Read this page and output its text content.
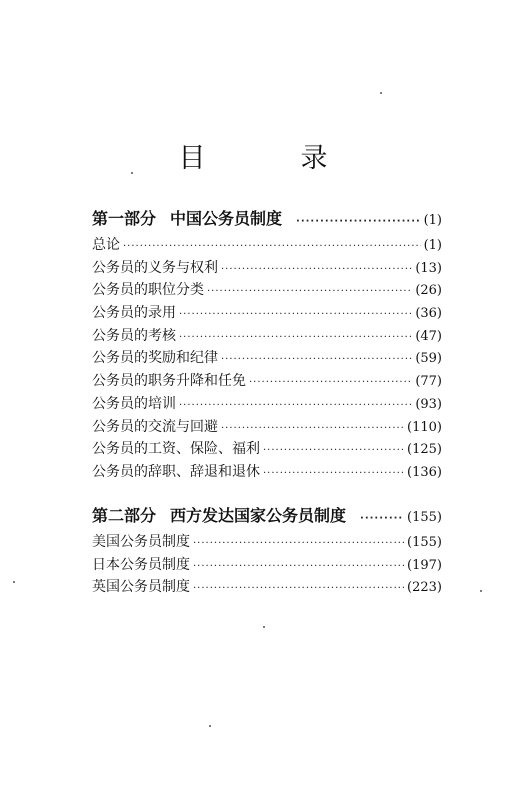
目　录
第一部分 中国公务员制度 ·····	(1)
总论 ·····	(1)
公务员的义务与权利 ·····	(13)
公务员的职位分类 ·····	(26)
公务员的录用 ·····	(36)
公务员的考核 ·····	(47)
公务员的奖励和纪律 ·····	(59)
公务员的职务升降和任免 ·····	(77)
公务员的培训 ·····	(93)
公务员的交流与回避 ·····	(110)
公务员的工资、保险、福利 ·····	(125)
公务员的辞职、辞退和退休 ·····	(136)
第二部分 西方发达国家公务员制度 ·····	(155)
美国公务员制度 ·····	(155)
日本公务员制度 ·····	(197)
英国公务员制度 ·····	(223)
